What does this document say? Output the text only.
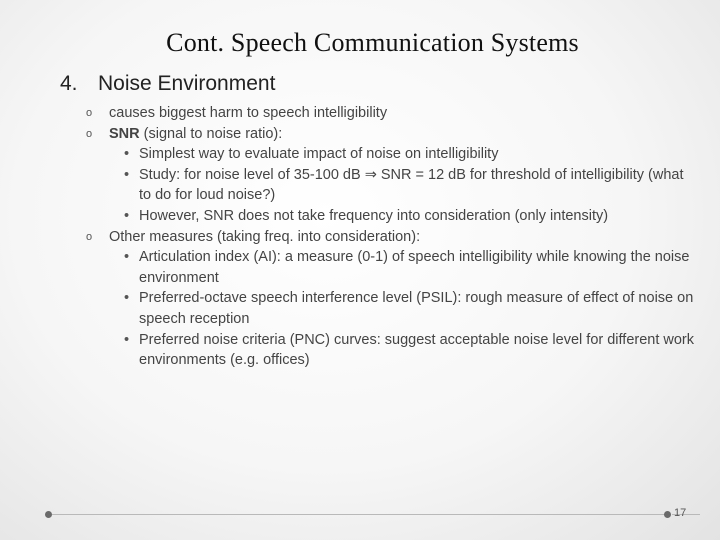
Cont. Speech Communication Systems
4. Noise Environment
o causes biggest harm to speech intelligibility
o SNR (signal to noise ratio):
• Simplest way to evaluate impact of noise on intelligibility
• Study: for noise level of 35-100 dB ⇒ SNR = 12 dB for threshold of intelligibility (what to do for loud noise?)
• However, SNR does not take frequency into consideration (only intensity)
o Other measures (taking freq. into consideration):
• Articulation index (AI): a measure (0-1) of speech intelligibility while knowing the noise environment
• Preferred-octave speech interference level (PSIL): rough measure of effect of noise on speech reception
• Preferred noise criteria (PNC) curves: suggest acceptable noise level for different work environments (e.g. offices)
17
